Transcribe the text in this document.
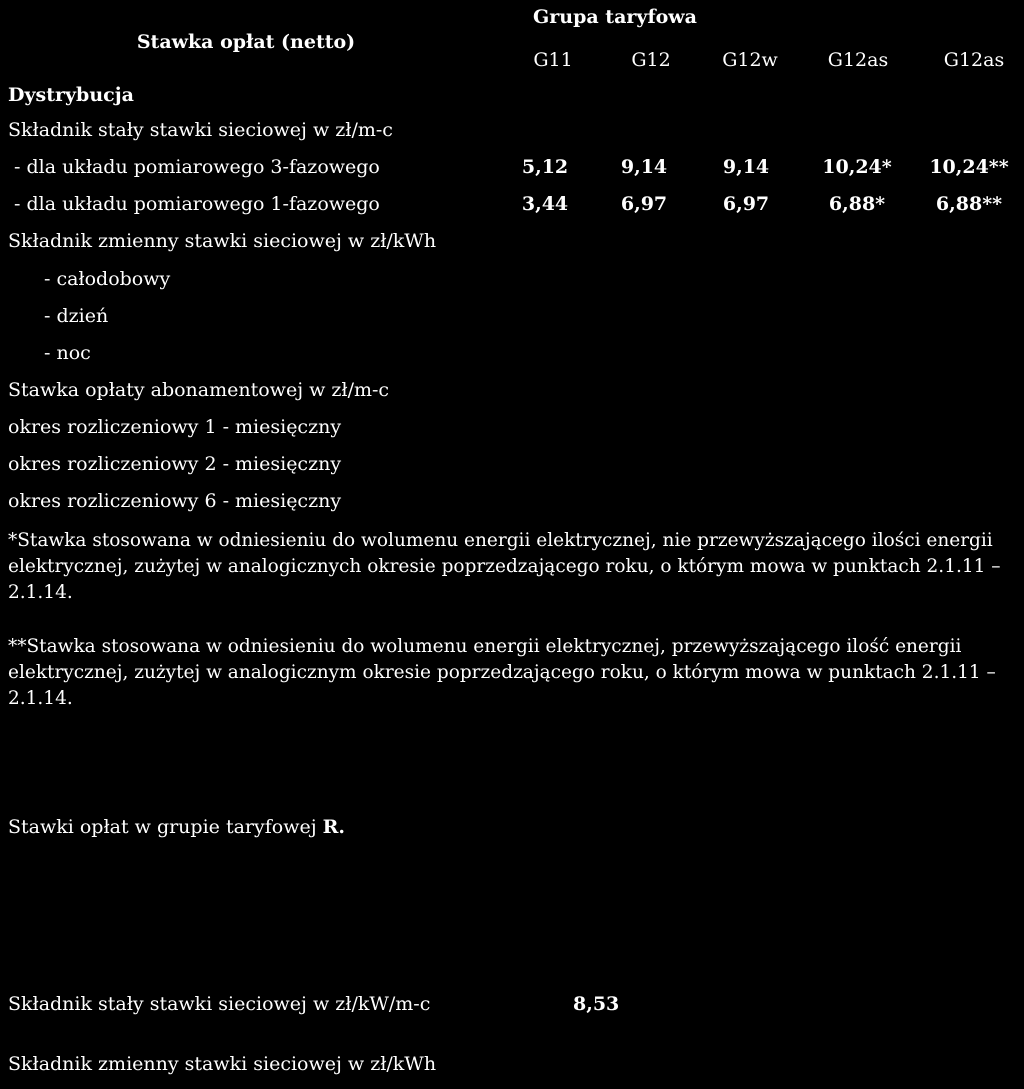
Grupa taryfowa
Stawka opłat (netto)
G11	G12	G12w	G12as	G12as
Dystrybucja
Składnik stały stawki sieciowej w zł/m-c
- dla układu pomiarowego 3-fazowego	5,12	9,14	9,14	10,24* 10,24**
- dla układu pomiarowego 1-fazowego	3,44	6,97	6,97	6,88*	6,88**
Składnik zmienny stawki sieciowej w zł/kWh
- całodobowy
- dzień
- noc
Stawka opłaty abonamentowej w zł/m-c
okres rozliczeniowy 1 - miesięczny
okres rozliczeniowy 2 - miesięczny
okres rozliczeniowy 6 - miesięczny
*Stawka stosowana w odniesieniu do wolumenu energii elektrycznej, nie przewyższającego ilości energii elektrycznej, zużytej w analogicznych okresie poprzedzającego roku, o którym mowa w punktach 2.1.11 – 2.1.14.
**Stawka stosowana w odniesieniu do wolumenu energii elektrycznej, przewyższającego ilość energii elektrycznej, zużytej w analogicznym okresie poprzedzającego roku, o którym mowa w punktach 2.1.11 – 2.1.14.
Stawki opłat w grupie taryfowej R.
Składnik stały stawki sieciowej w zł/kW/m-c	8,53
Składnik zmienny stawki sieciowej w zł/kWh
